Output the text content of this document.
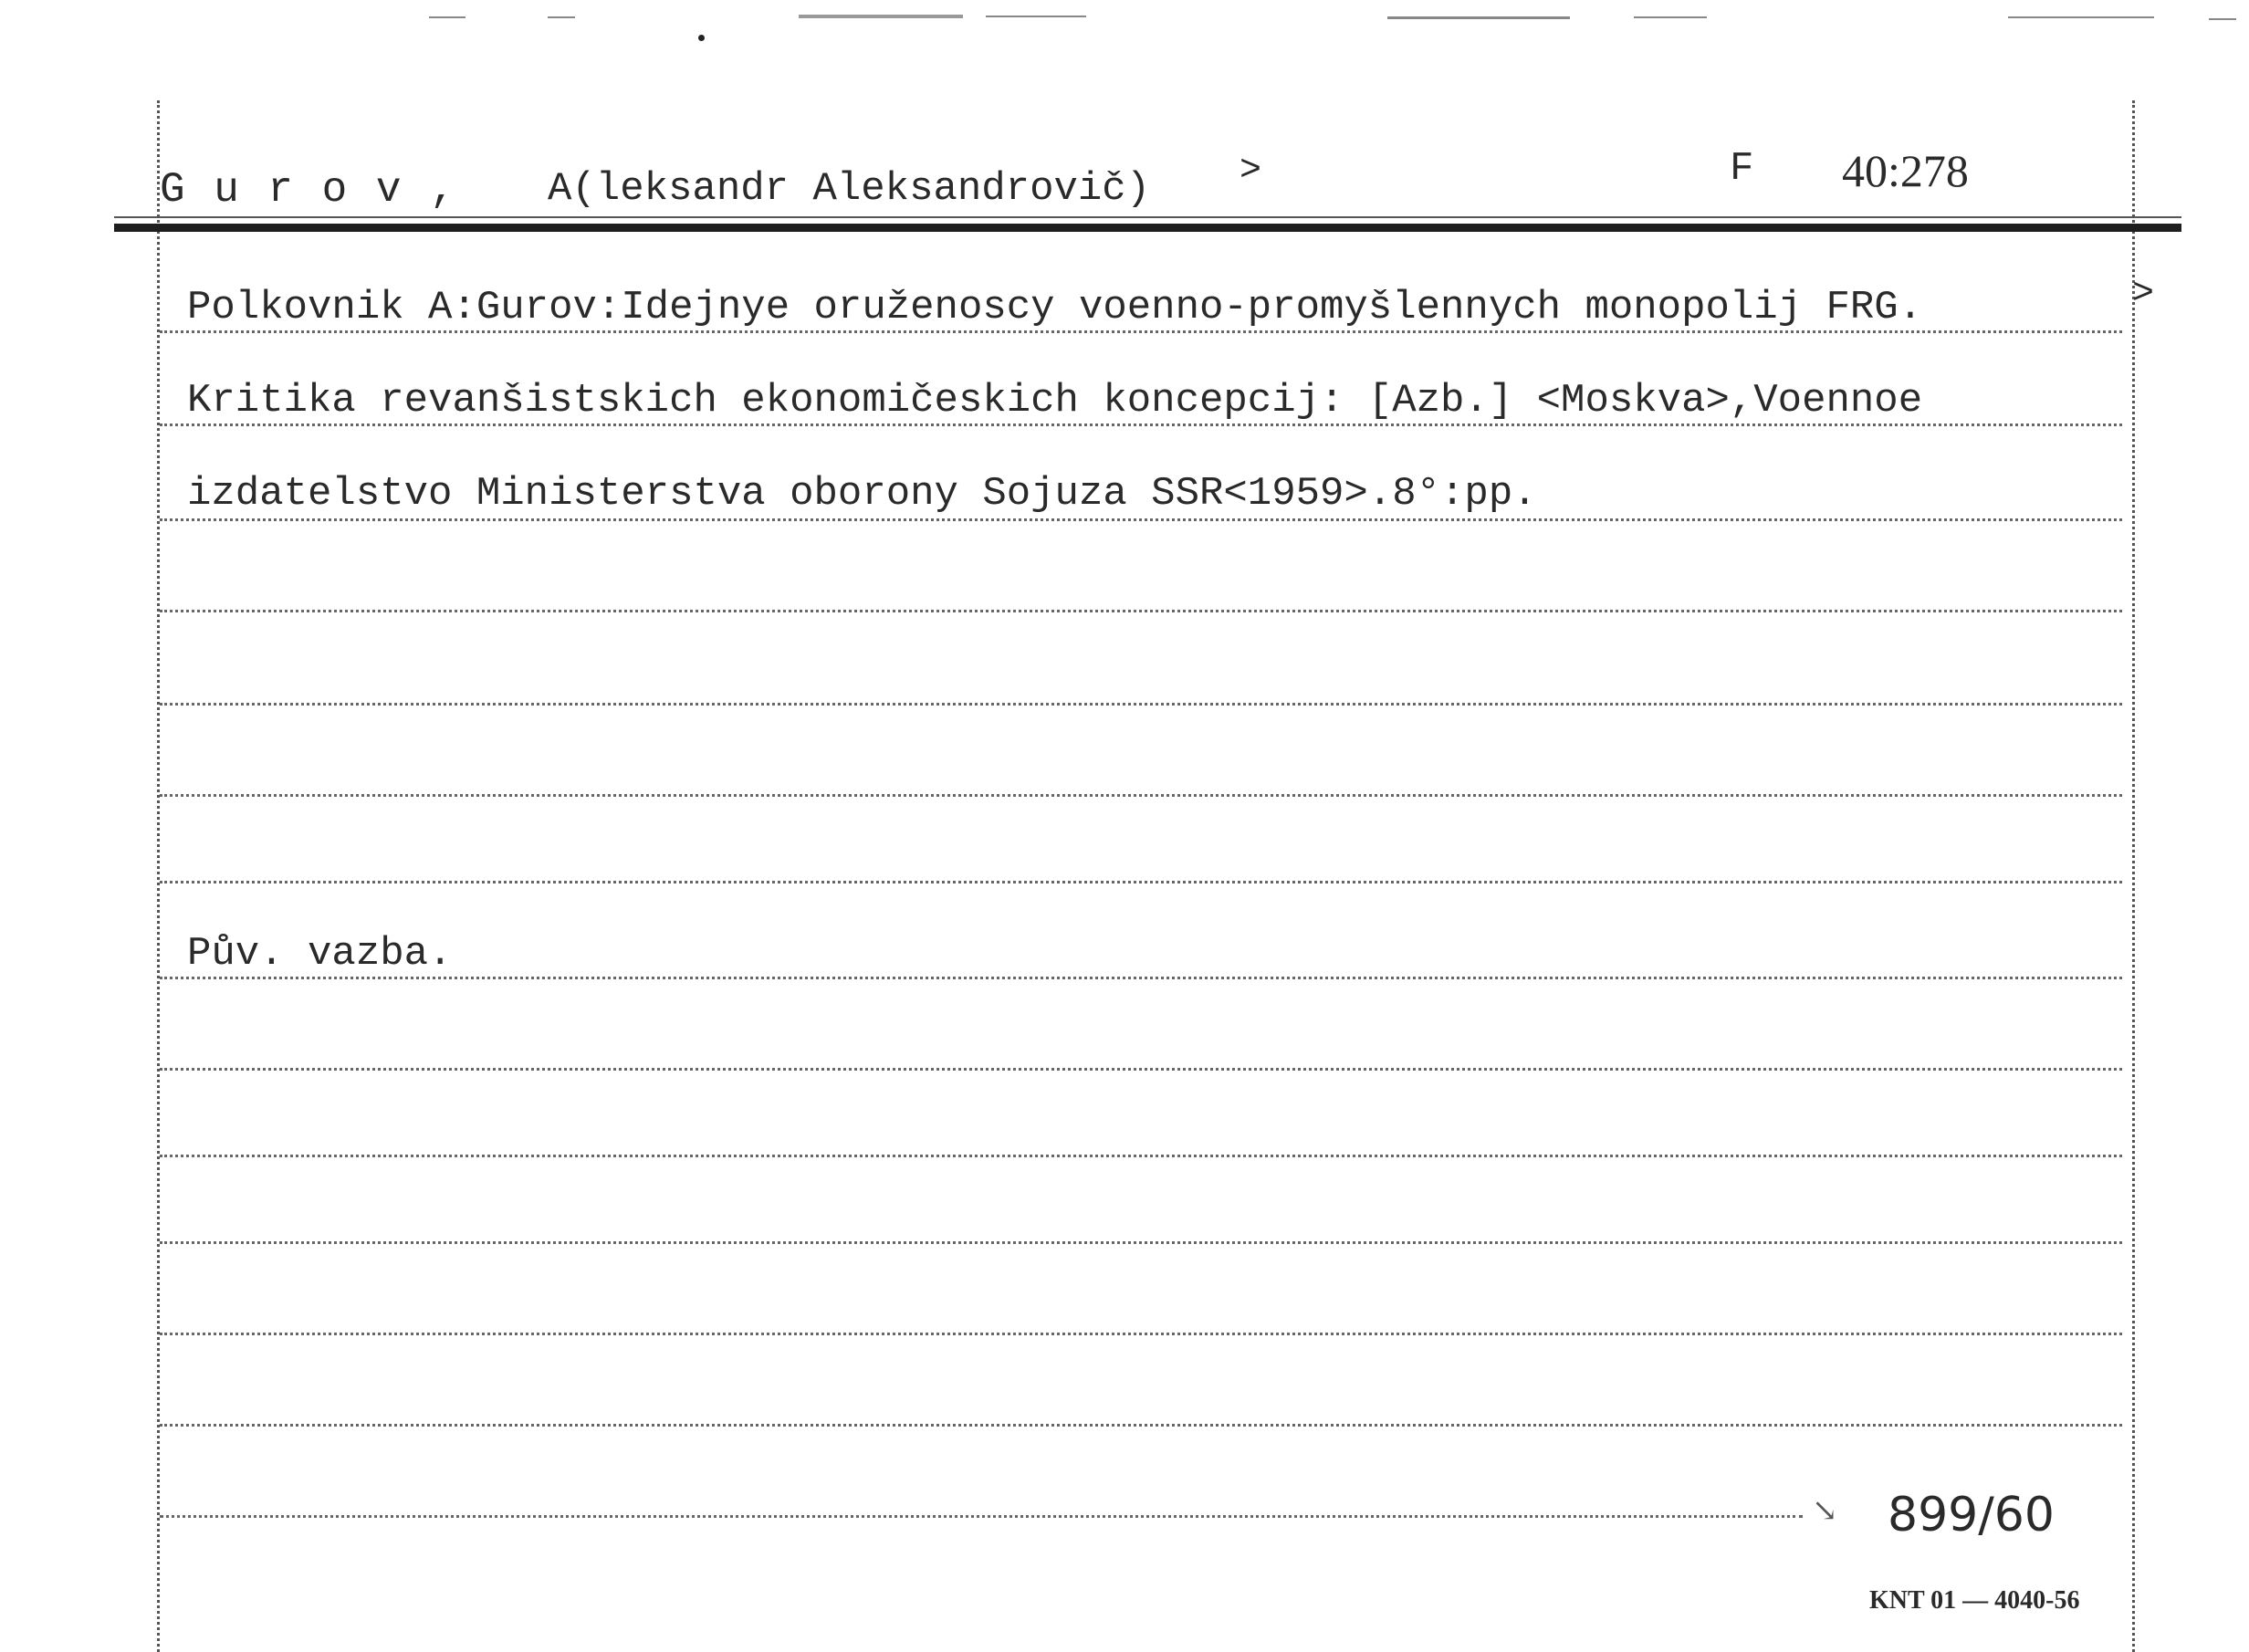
G u r o v , A(leksandr Aleksandrovič) >	F 40:278
Polkovnik A:Gurov:Idejnye oruženoscy voenno-promyšlennych monopolij FRG.	>
Kritika revanšistskich ekonomičeskich koncepcij: [Azb.] <Moskva>,Voennoe
izdatelstvo Ministerstva oborony Sojuza SSR<1959>.8°:pp.
Pův. vazba.
↘ 899/60
KNT 01 — 4040-56
